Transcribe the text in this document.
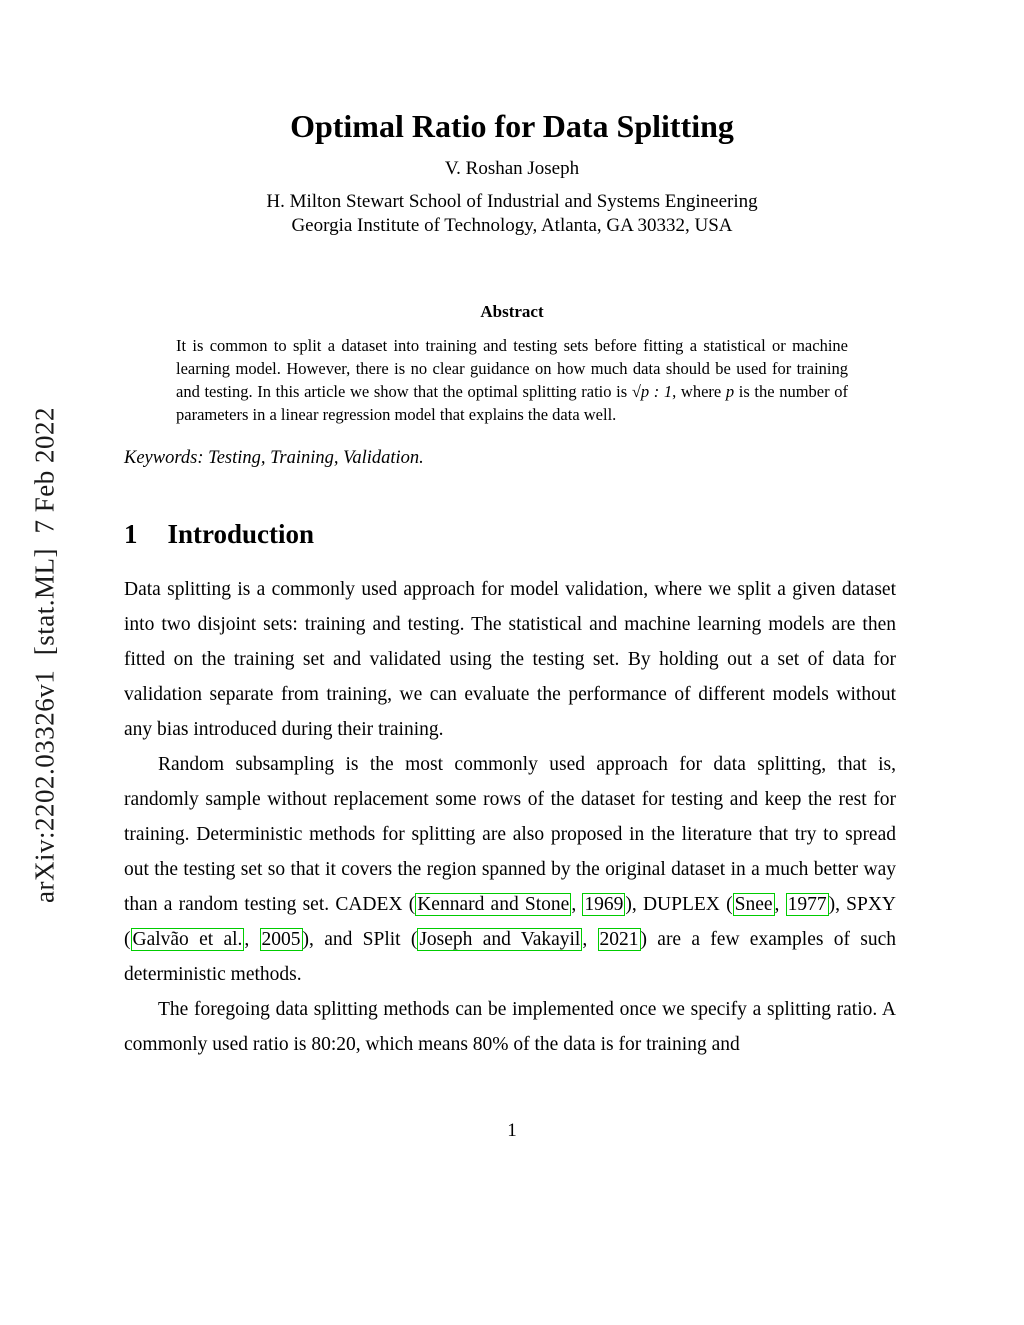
arXiv:2202.03326v1  [stat.ML]  7 Feb 2022
Optimal Ratio for Data Splitting
V. Roshan Joseph
H. Milton Stewart School of Industrial and Systems Engineering
Georgia Institute of Technology, Atlanta, GA 30332, USA
Abstract

It is common to split a dataset into training and testing sets before fitting a statistical or machine learning model. However, there is no clear guidance on how much data should be used for training and testing. In this article we show that the optimal splitting ratio is √p : 1, where p is the number of parameters in a linear regression model that explains the data well.

Keywords: Testing, Training, Validation.

1 Introduction

Data splitting is a commonly used approach for model validation, where we split a given dataset into two disjoint sets: training and testing. The statistical and machine learning models are then fitted on the training set and validated using the testing set. By holding out a set of data for validation separate from training, we can evaluate the performance of different models without any bias introduced during their training.

Random subsampling is the most commonly used approach for data splitting, that is, randomly sample without replacement some rows of the dataset for testing and keep the rest for training. Deterministic methods for splitting are also proposed in the literature that try to spread out the testing set so that it covers the region spanned by the original dataset in a much better way than a random testing set. CADEX ( Kennard and Stone , 1969 ), DUPLEX ( Snee , 1977 ), SPXY ( Galvão et al. , 2005 ), and SPlit ( Joseph and Vakayil , 2021 ) are a few examples of such deterministic methods.

The foregoing data splitting methods can be implemented once we specify a splitting ratio. A commonly used ratio is 80:20, which means 80% of the data is for training and

1
